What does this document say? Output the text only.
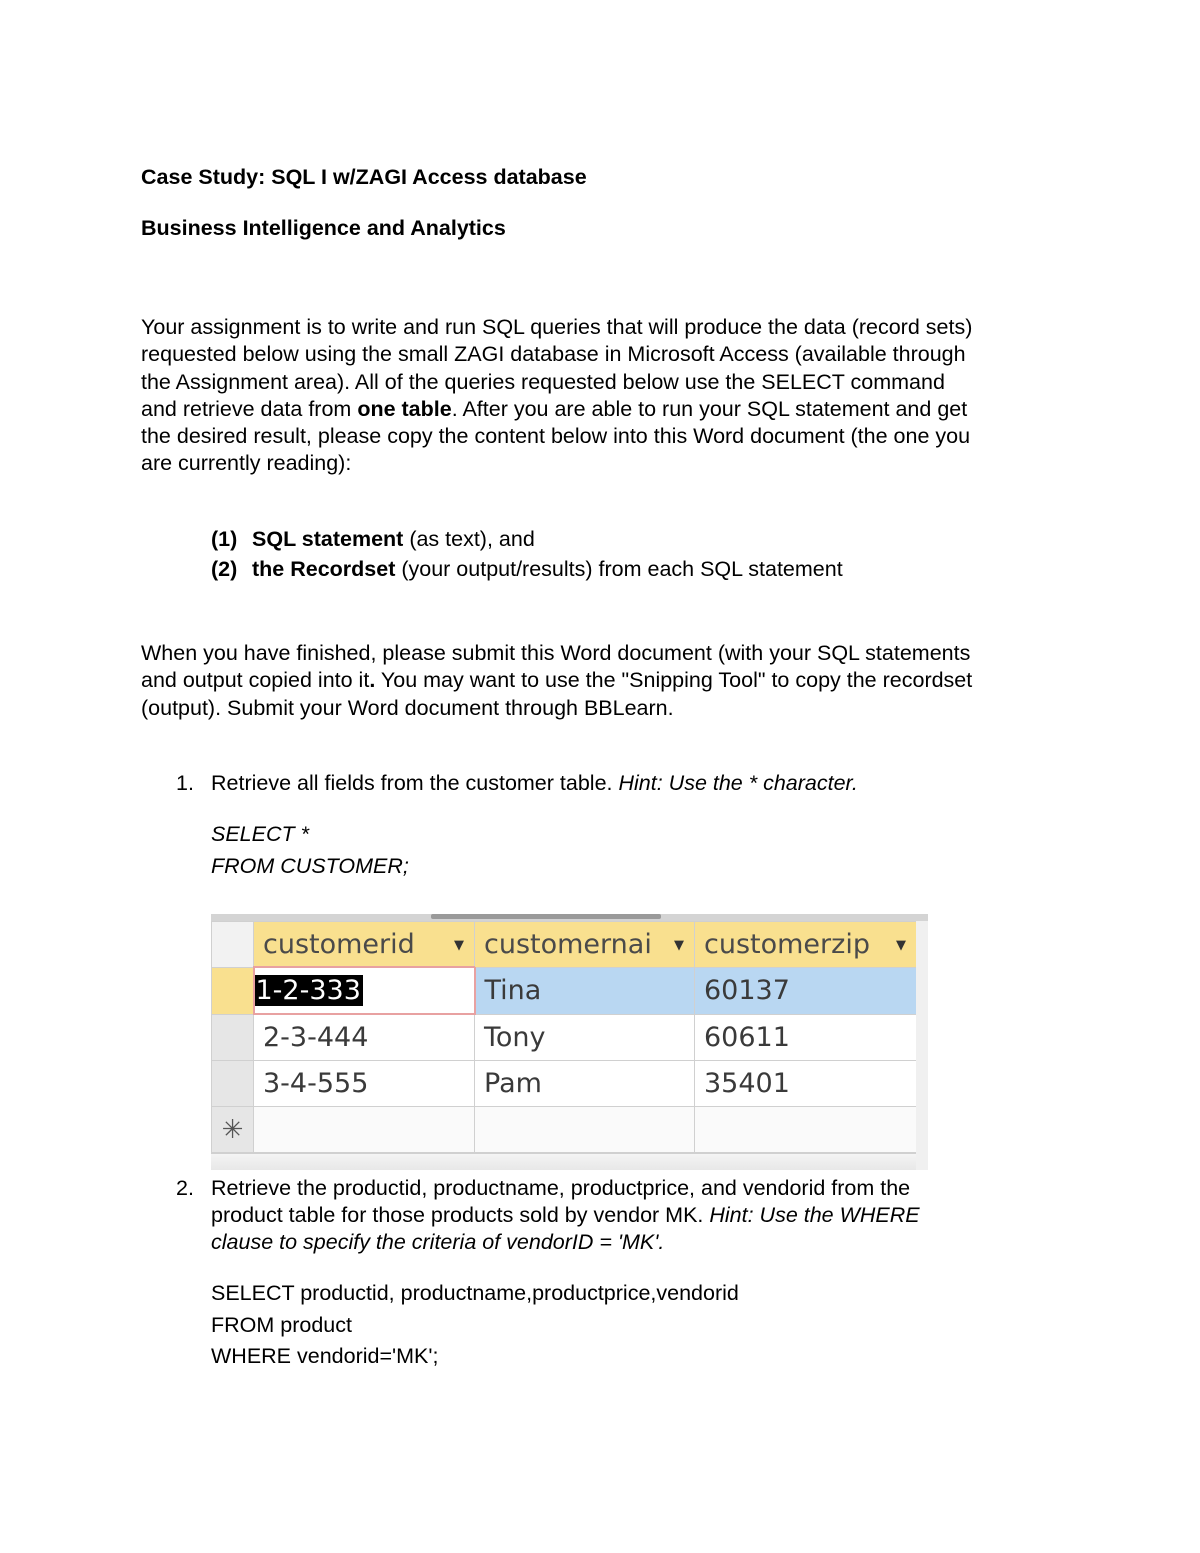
Case Study: SQL I w/ZAGI Access database

Business Intelligence and Analytics

Your assignment is to write and run SQL queries that will produce the data (record sets)
requested below using the small ZAGI database in Microsoft Access (available through
the Assignment area). All of the queries requested below use the SELECT command
and retrieve data from one table. After you are able to run your SQL statement and get
the desired result, please copy the content below into this Word document (the one you
are currently reading):
(1) SQL statement (as text), and
(2) the Recordset (your output/results) from each SQL statement
When you have finished, please submit this Word document (with your SQL statements
and output copied into it. You may want to use the "Snipping Tool" to copy the recordset
(output). Submit your Word document through BBLearn.
1. Retrieve all fields from the customer table. Hint: Use the * character.
SELECT *
FROM CUSTOMER;
	customerid ▼	customernai ▼	customerzip ▼

	1-2-333	Tina	60137
	2-3-444	Tony	60611
	3-4-555	Pam	35401
✳			
2. Retrieve the productid, productname, productprice, and vendorid from the
product table for those products sold by vendor MK. Hint: Use the WHERE
clause to specify the criteria of vendorID = 'MK'.
SELECT productid, productname,productprice,vendorid
FROM product
WHERE vendorid='MK';
